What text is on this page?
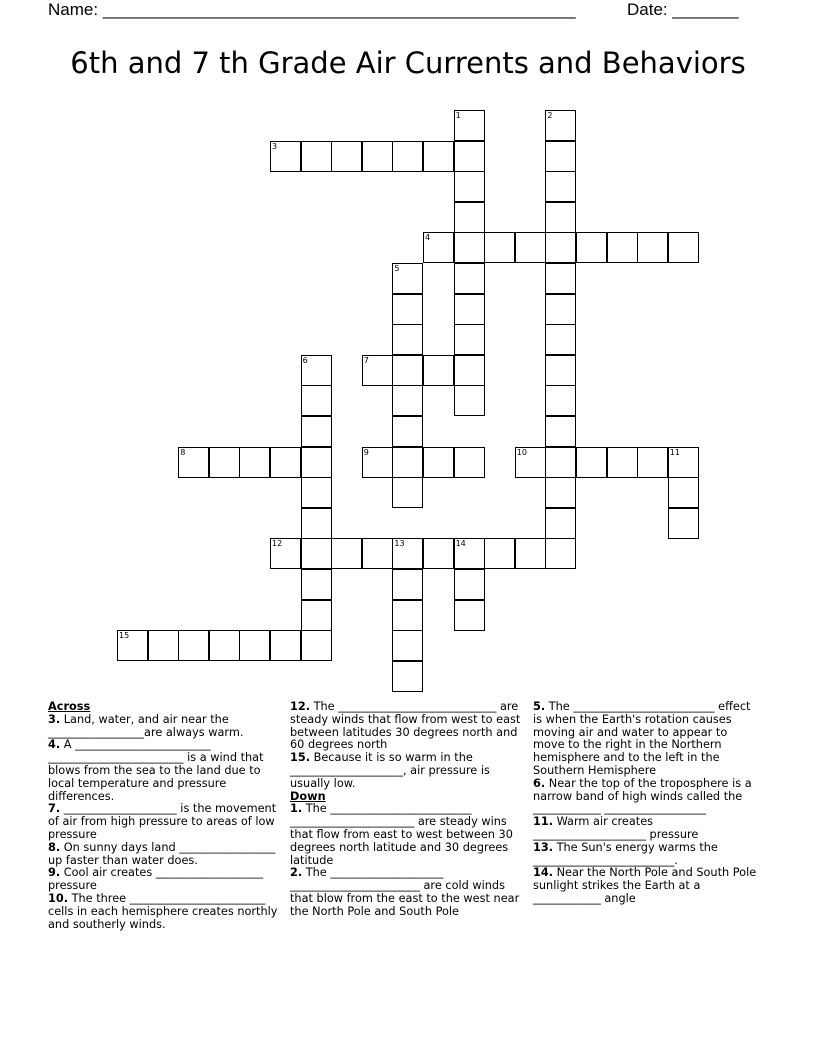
Name: __________________________________________________	Date: _______
6th and 7 th Grade Air Currents and Behaviors
1	2
3
4
5
6	7
8	9	10	11
12	13	14
15

Across

3. Land, water, and air near the _________________are always warm.

4. A ________________________ ________________________ is a wind that blows from the sea to the land due to local temperature and pressure differences.

7. ____________________ is the movement of air from high pressure to areas of low pressure

8. On sunny days land _________________ up faster than water does.

9. Cool air creates ___________________ pressure

10. The three ________________________ cells in each hemisphere creates northly and southerly winds.

12. The ____________________________ are steady winds that flow from west to east between latitudes 30 degrees north and 60 degrees north

15. Because it is so warm in the ____________________, air pressure is usually low.

Down

1. The _________________________ ______________________ are steady wins that flow from east to west between 30 degrees north latitude and 30 degrees latitude

2. The ____________________ _______________________ are cold winds that blow from the east to the west near the North Pole and South Pole

5. The _________________________ effect is when the Earth's rotation causes moving air and water to appear to move to the right in the Northern hemisphere and to the left in the Southern Hemisphere

6. Near the top of the troposphere is a narrow band of high winds called the ____________ __________________

11. Warm air creates ____________________ pressure

13. The Sun's energy warms the _________________________.

14. Near the North Pole and South Pole sunlight strikes the Earth at a ____________ angle
